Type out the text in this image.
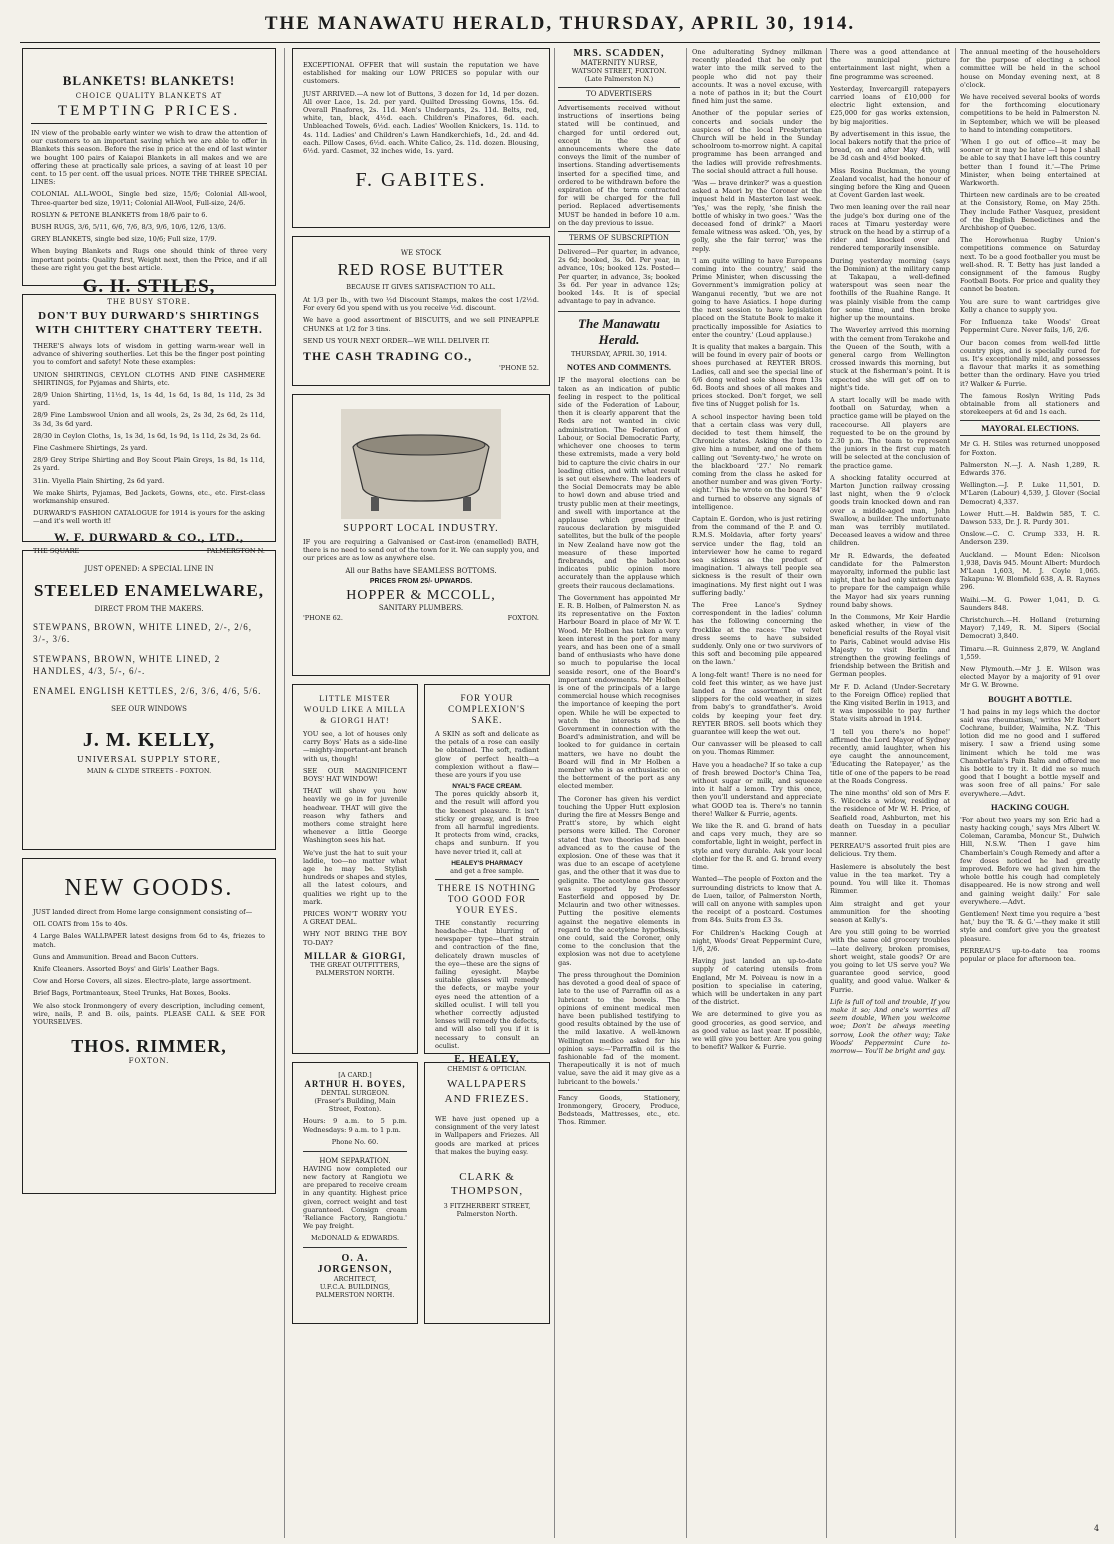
THE MANAWATU HERALD, THURSDAY, APRIL 30, 1914.
BLANKETS! BLANKETS!
CHOICE QUALITY BLANKETS AT
TEMPTING PRICES.

IN view of the probable early winter we wish to draw the attention of our customers to an important saving which we are able to offer in Blankets this season. Before the rise in price at the end of last winter we bought 100 pairs of Kaiapoi Blankets in all makes and we are offering these at practically sale prices, a saving of at least 10 per cent. to 15 per cent. off the usual prices. NOTE THE THREE SPECIAL LINES:

COLONIAL ALL-WOOL, Single bed size, 15/6; Colonial All-wool, Three-quarter bed size, 19/11; Colonial All-Wool, Full-size, 24/6.

ROSLYN & PETONE BLANKETS from 18/6 pair to 6.

BUSH RUGS, 3/6, 5/11, 6/6, 7/6, 8/3, 9/6, 10/6, 12/6, 13/6.

GREY BLANKETS, single bed size, 10/6; Full size, 17/9.

When buying Blankets and Rugs one should think of three very important points: Quality first, Weight next, then the Price, and if all these are right you get the best article.

G. H. STILES,
THE BUSY STORE.
DON'T BUY DURWARD'S SHIRTINGS WITH CHITTERY CHATTERY TEETH.

THERE'S always lots of wisdom in getting warm-wear well in advance of shivering southerlies. Let this be the finger post pointing you to comfort and safety! Note these examples:

UNION SHIRTINGS, CEYLON CLOTHS AND FINE CASHMERE SHIRTINGS, for Pyjamas and Shirts, etc.

28/9 Union Shirting, 11½d, 1s, 1s 4d, 1s 6d, 1s 8d, 1s 11d, 2s 3d yard.

28/9 Fine Lambswool Union and all wools, 2s, 2s 3d, 2s 6d, 2s 11d, 3s 3d, 3s 6d yard.

28/30 in Ceylon Cloths, 1s, 1s 3d, 1s 6d, 1s 9d, 1s 11d, 2s 3d, 2s 6d.

Fine Cashmere Shirtings, 2s yard.

28/9 Grey Stripe Shirting and Boy Scout Plain Greys, 1s 8d, 1s 11d, 2s yard.

31in. Viyella Plain Shirting, 2s 6d yard.

We make Shirts, Pyjamas, Bed Jackets, Gowns, etc., etc. First-class workmanship ensured.

DURWARD'S FASHION CATALOGUE for 1914 is yours for the asking—and it's well worth it!

W. F. DURWARD & CO., LTD.,
THE SQUARE	PALMERSTON N.
JUST OPENED: A SPECIAL LINE IN
STEELED ENAMELWARE,
DIRECT FROM THE MAKERS.

STEWPANS, BROWN, WHITE LINED, 2/-, 2/6, 3/-, 3/6.

STEWPANS, BROWN, WHITE LINED, 2 HANDLES, 4/3, 5/-, 6/-.

ENAMEL ENGLISH KETTLES, 2/6, 3/6, 4/6, 5/6.

SEE OUR WINDOWS
J. M. KELLY,
UNIVERSAL SUPPLY STORE,
MAIN & CLYDE STREETS - FOXTON.
NEW GOODS.

JUST landed direct from Home large consignment consisting of—

OIL COATS from 15s to 40s.

4 Large Bales WALLPAPER latest designs from 6d to 4s, friezes to match.

Guns and Ammunition. Bread and Bacon Cutters.

Knife Cleaners. Assorted Boys' and Girls' Leather Bags.

Cow and Horse Covers, all sizes. Electro-plate, large assortment.

Brief Bags, Portmanteaux, Steel Trunks, Hat Boxes, Books.

We also stock Ironmongery of every description, including cement, wire, nails, P. and B. oils, paints. PLEASE CALL & SEE FOR YOURSELVES.

THOS. RIMMER,
FOXTON.

EXCEPTIONAL OFFER that will sustain the reputation we have established for making our LOW PRICES so popular with our customers.

JUST ARRIVED.—A new lot of Buttons, 3 dozen for 1d, 1d per dozen. All over Lace, 1s. 2d. per yard. Quilted Dressing Gowns, 15s. 6d. Overall Pinafores, 2s. 11d. Men's Underpants, 2s. 11d. Belts, red, white, tan, black, 4½d. each. Children's Pinafores, 6d. each. Unbleached Towels, 6½d. each. Ladies' Woollen Knickers, 1s. 11d. to 4s. 11d. Ladies' and Children's Lawn Handkerchiefs, 1d., 2d. and 4d. each. Pillow Cases, 6½d. each. White Calico, 2s. 11d. dozen. Blousing, 6½d. yard. Casmet, 32 inches wide, 1s. yard.

F. GABITES.
WE STOCK
RED ROSE BUTTER
BECAUSE IT GIVES SATISFACTION TO ALL.

At 1/3 per lb., with two ½d Discount Stamps, makes the cost 1/2½d. For every 6d you spend with us you receive ½d. discount.

We have a good assortment of BISCUITS, and we sell PINEAPPLE CHUNKS at 1/2 for 3 tins.

SEND US YOUR NEXT ORDER—WE WILL DELIVER IT.

THE CASH TRADING CO.,
'PHONE 52.
SUPPORT LOCAL INDUSTRY.

IF you are requiring a Galvanised or Cast-iron (enamelled) BATH, there is no need to send out of the town for it. We can supply you, and our prices are as low as anywhere else.

All our Baths have SEAMLESS BOTTOMS.
PRICES FROM 25/- UPWARDS.
HOPPER & MCCOLL,
SANITARY PLUMBERS.
'PHONE 62.	FOXTON.
LITTLE MISTER WOULD LIKE A MILLA & GIORGI HAT!

YOU see, a lot of houses only carry Boys' Hats as a side-line—mighty-important-ant branch with us, though!

SEE OUR MAGNIFICENT BOYS' HAT WINDOW!

THAT will show you how heavily we go in for juvenile headwear. THAT will give the reason why fathers and mothers come straight here whenever a little George Washington sees his hat.

We've just the hat to suit your laddie, too—no matter what age he may be. Stylish hundreds or shapes and styles, all the latest colours, and qualities we right up to the mark.

PRICES WON'T WORRY YOU A GREAT DEAL.

WHY NOT BRING THE BOY TO-DAY?

MILLAR & GIORGI,
THE GREAT OUTFITTERS,
PALMERSTON NORTH.
FOR YOUR COMPLEXION'S SAKE.

A SKIN as soft and delicate as the petals of a rose can easily be obtained. The soft, radiant glow of perfect health—a complexion without a flaw—these are yours if you use

NYAL'S FACE CREAM.

The pores quickly absorb it, and the result will afford you the keenest pleasure. It isn't sticky or greasy, and is free from all harmful ingredients. It protects from wind, cracks, chaps and sunburn. If you have never tried it, call at

HEALEY'S PHARMACY
and get a free sample.
THERE IS NOTHING TOO GOOD FOR YOUR EYES.

THE constantly recurring headache—that blurring of newspaper type—that strain and contraction of the fine, delicately drawn muscles of the eye—these are the signs of failing eyesight. Maybe suitable glasses will remedy the defects, or maybe your eyes need the attention of a skilled oculist. I will tell you whether correctly adjusted lenses will remedy the defects, and will also tell you if it is necessary to consult an oculist.

E. HEALEY,
CHEMIST & OPTICIAN.
[A CARD.]
ARTHUR H. BOYES,
DENTAL SURGEON.

(Fraser's Building, Main Street, Foxton).

Hours: 9 a.m. to 5 p.m. Wednesdays: 9 a.m. to 1 p.m.

Phone No. 60.
HOM SEPARATION.

HAVING now completed our new factory at Rangiotu we are prepared to receive cream in any quantity. Highest price given, correct weight and test guaranteed. Consign cream 'Reliance Factory, Rangiotu.' We pay freight.

McDONALD & EDWARDS.
O. A. JORGENSON,
ARCHITECT,
U.F.C.A. BUILDINGS, PALMERSTON NORTH.
WALLPAPERS AND FRIEZES.

WE have just opened up a consignment of the very latest in Wallpapers and Friezes. All goods are marked at prices that makes the buying easy.

CLARK & THOMPSON,
3 FITZHERBERT STREET,
Palmerston North.
MRS. SCADDEN,
MATERNITY NURSE,
WATSON STREET, FOXTON.
(Late Palmerston N.)
TO ADVERTISERS

Advertisements received without instructions of insertions being stated will be continued, and charged for until ordered out, except in the case of announcements where the date conveys the limit of the number of insertions. Standing advertisements inserted for a specified time, and ordered to be withdrawn before the expiration of the term contracted for will be charged for the full period. Replaced advertisements MUST be handed in before 10 a.m. on the day previous to issue.

TERMS OF SUBSCRIPTION

Delivered—Per quarter, in advance, 2s 6d; booked, 3s. 0d. Per year, in advance, 10s; booked 12s. Posted—Per quarter, in advance, 3s; booked 3s 6d. Per year in advance 12s; booked 14s. It is of special advantage to pay in advance.

The Manawatu Herald.
THURSDAY, APRIL 30, 1914.
NOTES AND COMMENTS.

IF the mayoral elections can be taken as an indication of public feeling in respect to the political side of the Federation of Labour, then it is clearly apparent that the Reds are not wanted in civic administration. The Federation of Labour, or Social Democratic Party, whichever one chooses to term these extremists, made a very bold bid to capture the civic chairs in our leading cities, and with what result is set out elsewhere. The leaders of the Social Democrats may be able to howl down and abuse tried and trusty public men at their meetings, and swell with importance at the applause which greets their raucous declaration by misguided satellites, but the bulk of the people in New Zealand have now got the measure of these imported firebrands, and the ballot-box indicates public opinion more accurately than the applause which greets their raucous declamations.

The Government has appointed Mr E. R. B. Holben, of Palmerston N. as its representative on the Foxton Harbour Board in place of Mr W. T. Wood. Mr Holben has taken a very keen interest in the port for many years, and has been one of a small band of enthusiasts who have done so much to popularise the local seaside resort, one of the Board's important endowments. Mr Holben is one of the principals of a large commercial house which recognises the importance of keeping the port open. While he will be expected to watch the interests of the Government in connection with the Board's administration, and will be looked to for guidance in certain matters, we have no doubt the Board will find in Mr Holben a member who is as enthusiastic on the betterment of the port as any elected member.

The Coroner has given his verdict touching the Upper Hutt explosion during the fire at Messrs Benge and Pratt's store, by which eight persons were killed. The Coroner stated that two theories had been advanced as to the cause of the explosion. One of these was that it was due to an escape of acetylene gas, and the other that it was due to gelignite. The acetylene gas theory was supported by Professor Easterfield and opposed by Dr. Mclaurin and two other witnesses. Putting the positive elements against the negative elements in regard to the acetylene hypothesis, one could, said the Coroner, only come to the conclusion that the explosion was not due to acetylene gas.

The press throughout the Dominion has devoted a good deal of space of late to the use of Parraffin oil as a lubricant to the bowels. The opinions of eminent medical men have been published testifying to good results obtained by the use of the mild laxative. A well-known Wellington medico asked for his opinion says:—'Parraffin oil is the fashionable fad of the moment. Therapeutically it is not of much value, save the aid it may give as a lubricant to the bowels.'

Fancy Goods, Stationery, Ironmongery, Grocery, Produce, Bedsteads, Mattresses, etc., etc. Thos. Rimmer.

One adulterating Sydney milkman recently pleaded that he only put water into the milk served to the people who did not pay their accounts. It was a novel excuse, with a note of pathos in it; but the Court fined him just the same.

Another of the popular series of concerts and socials under the auspices of the local Presbyterian Church will be held in the Sunday schoolroom to-morrow night. A capital programme has been arranged and the ladies will provide refreshments. The social should attract a full house.

'Was — brave drinker?' was a question asked a Maori by the Coroner at the inquest held in Masterton last week. 'Yes,' was the reply, 'she finish the bottle of whisky in two goes.' 'Was the deceased fond of drink?' a Maori female witness was asked. 'Oh, yes, by golly, she the fair terror,' was the reply.

'I am quite willing to have Europeans coming into the country,' said the Prime Minister, when discussing the Government's immigration policy at Wanganui recently, 'but we are not going to have Asiatics. I hope during the next session to have legislation placed on the Statute Book to make it practically impossible for Asiatics to enter the country.' (Loud applause.)

It is quality that makes a bargain. This will be found in every pair of boots or shoes purchased at REYTER BROS. Ladies, call and see the special line of 6/6 dong welted sole shoes from 13s 6d. Boots and shoes of all makes and prices stocked. Don't forget, we sell five tins of Nugget polish for 1s.

A school inspector having been told that a certain class was very dull, decided to test them himself, the Chronicle states. Asking the lads to give him a number, and one of them calling out 'Seventy-two,' he wrote on the blackboard '27.' No remark coming from the class he asked for another number and was given 'Forty-eight.' This he wrote on the board '84' and turned to observe any signals of intelligence.

Captain E. Gordon, who is just retiring from the command of the P. and O. R.M.S. Moldavia, after forty years' service under the flag, told an interviewer how he came to regard sea sickness as the product of imagination. 'I always tell people sea sickness is the result of their own imaginations. My first night out I was suffering badly.'

The Free Lance's Sydney correspondent in the ladies' column has the following concerning the frocklike at the races: 'The velvet dress seems to have subsided suddenly. Only one or two survivors of this soft and becoming pile appeared on the lawn.'

A long-felt want! There is no need for cold feet this winter, as we have just landed a fine assortment of felt slippers for the cold weather, in sizes from baby's to grandfather's. Avoid colds by keeping your feet dry. REYTER BROS. sell boots which they guarantee will keep the wet out.

Our canvasser will be pleased to call on you. Thomas Rimmer.

Have you a headache? If so take a cup of fresh brewed Doctor's China Tea, without sugar or milk, and squeeze into it half a lemon. Try this once, then you'll understand and appreciate what GOOD tea is. There's no tannin there! Walker & Furrie, agents.

We like the R. and G. brand of hats and caps very much, they are so comfortable, light in weight, perfect in style and very durable. Ask your local clothier for the R. and G. brand every time.

Wanted—The people of Foxton and the surrounding districts to know that A. de Luen, tailor, of Palmerston North, will call on anyone with samples upon the receipt of a postcard. Costumes from 84s. Suits from £3 3s.

For Children's Hacking Cough at night, Woods' Great Peppermint Cure, 1/6, 2/6.

Having just landed an up-to-date supply of catering utensils from England, Mr M. Poiveau is now in a position to specialise in catering, which will be undertaken in any part of the district.

We are determined to give you as good groceries, as good service, and as good value as last year. If possible, we will give you better. Are you going to benefit? Walker & Furrie.

There was a good attendance at the municipal picture entertainment last night, when a fine programme was screened.

Yesterday, Invercargill ratepayers carried loans of £10,000 for electric light extension, and £25,000 for gas works extension, by big majorities.

By advertisement in this issue, the local bakers notify that the price of bread, on and after May 4th, will be 3d cash and 4½d booked.

Miss Rosina Buckman, the young Zealand vocalist, had the honour of singing before the King and Queen at Covent Garden last week.

Two men leaning over the rail near the judge's box during one of the races at Timaru yesterday were struck on the head by a stirrup of a rider and knocked over and rendered temporarily insensible.

During yesterday morning (says the Dominion) at the military camp at Takapau, a well-defined waterspout was seen near the foothills of the Ruahine Range. It was plainly visible from the camp for some time, and then broke higher up the mountains.

The Waverley arrived this morning with the cement from Terakohe and the Queen of the South, with a general cargo from Wellington crossed inwards this morning, but stuck at the fisherman's point. It is expected she will get off on to night's tide.

A start locally will be made with football on Saturday, when a practice game will be played on the racecourse. All players are requested to be on the ground by 2.30 p.m. The team to represent the juniors in the first cup match will be selected at the conclusion of the practice game.

A shocking fatality occurred at Marton Junction railway crossing last night, when the 9 o'clock goods train knocked down and ran over a middle-aged man, John Swallow, a builder. The unfortunate man was terribly mutilated. Deceased leaves a widow and three children.

Mr R. Edwards, the defeated candidate for the Palmerston mayoralty, informed the public last night, that he had only sixteen days to prepare for the campaign while the Mayor had six years running round baby shows.

In the Commons, Mr Keir Hardie asked whether, in view of the beneficial results of the Royal visit to Paris, Cabinet would advise His Majesty to visit Berlin and strengthen the growing feelings of friendship between the British and German peoples.

Mr F. D. Acland (Under-Secretary to the Foreign Office) replied that the King visited Berlin in 1913, and it was impossible to pay further State visits abroad in 1914.

'I tell you there's no hope!' affirmed the Lord Mayor of Sydney recently, amid laughter, when his eye caught the announcement, 'Educating the Ratepayer,' as the title of one of the papers to be read at the Roads Congress.

The nine months' old son of Mrs F. S. Wilcocks a widow, residing at the residence of Mr W. H. Price, of Seafield road, Ashburton, met his death on Tuesday in a peculiar manner.

PERREAU'S assorted fruit pies are delicious. Try them.

Haslemere is absolutely the best value in the tea market. Try a pound. You will like it. Thomas Rimmer.

Aim straight and get your ammunition for the shooting season at Kelly's.

Are you still going to be worried with the same old grocery troubles —late delivery, broken promises, short weight, stale goods? Or are you going to let US serve you? We guarantee good service, good quality, and good value. Walker & Furrie.

Life is full of toil and trouble, If you make it so; And one's worries all seem double, When you welcome woe; Don't be always meeting sorrow, Look the other way; Take Woods' Peppermint Cure to-morrow— You'll be bright and gay.

The annual meeting of the householders for the purpose of electing a school committee will be held in the school house on Monday evening next, at 8 o'clock.

We have received several books of words for the forthcoming elocutionary competitions to be held in Palmerston N. in September, which we will be pleased to hand to intending competitors.

'When I go out of office—it may be sooner or it may be later —I hope I shall be able to say that I have left this country better than I found it.'—The Prime Minister, when being entertained at Warkworth.

Thirteen new cardinals are to be created at the Consistory, Rome, on May 25th. They include Father Vasquez, president of the English Benedictines and the Archbishop of Quebec.

The Horowhenua Rugby Union's competitions commence on Saturday next. To be a good footballer you must be well-shod. R. T. Betty has just landed a consignment of the famous Rugby Football Boots. For price and quality they cannot be beaten.

You are sure to want cartridges give Kelly a chance to supply you.

For Influenza take Woods' Great Peppermint Cure. Never fails, 1/6, 2/6.

Our bacon comes from well-fed little country pigs, and is specially cured for us. It's exceptionally mild, and possesses a flavour that marks it as something better than the ordinary. Have you tried it? Walker & Furrie.

The famous Roslyn Writing Pads obtainable from all stationers and storekeepers at 6d and 1s each.

MAYORAL ELECTIONS.

Mr G. H. Stiles was returned unopposed for Foxton.

Palmerston N.—J. A. Nash 1,289, R. Edwards 376.

Wellington.—J. P. Luke 11,501, D. M'Laren (Labour) 4,539, J. Glover (Social Democrat) 4,337.

Lower Hutt.—H. Baldwin 585, T. C. Dawson 533, Dr. J. R. Purdy 301.

Onslow.—C. C. Crump 333, H. R. Anderson 239.

Auckland. — Mount Eden: Nicolson 1,938, Davis 945. Mount Albert: Murdoch M'Lean 1,603, M. J. Coyle 1,065. Takapuna: W. Blomfield 638, A. R. Raynes 296.

Waihi.—M. G. Power 1,041, D. G. Saunders 848.

Christchurch.—H. Holland (returning Mayor) 7,149, R. M. Sipers (Social Democrat) 3,840.

Timaru.—R. Guinness 2,879, W. Angland 1,559.

New Plymouth.—Mr J. E. Wilson was elected Mayor by a majority of 91 over Mr G. W. Browne.

BOUGHT A BOTTLE.

'I had pains in my legs which the doctor said was rheumatism,' writes Mr Robert Cochrane, builder, Waimiha, N.Z. 'This lotion did me no good and I suffered misery. I saw a friend using some liniment which he told me was Chamberlain's Pain Balm and offered me his bottle to try it. It did me so much good that I bought a bottle myself and was soon free of all pains.' For sale everywhere.—Advt.

HACKING COUGH.

'For about two years my son Eric had a nasty hacking cough,' says Mrs Albert W. Coleman, Caramba, Moncur St., Dulwich Hill, N.S.W. 'Then I gave him Chamberlain's Cough Remedy and after a few doses noticed he had greatly improved. Before we had given him the whole bottle his cough had completely disappeared. He is now strong and well and gaining weight daily.' For sale everywhere.—Advt.

Gentlemen! Next time you require a 'best hat,' buy the 'R. & G.'—they make it still style and comfort give you the greatest pleasure.

PERREAU'S up-to-date tea rooms popular or place for afternoon tea.

4
